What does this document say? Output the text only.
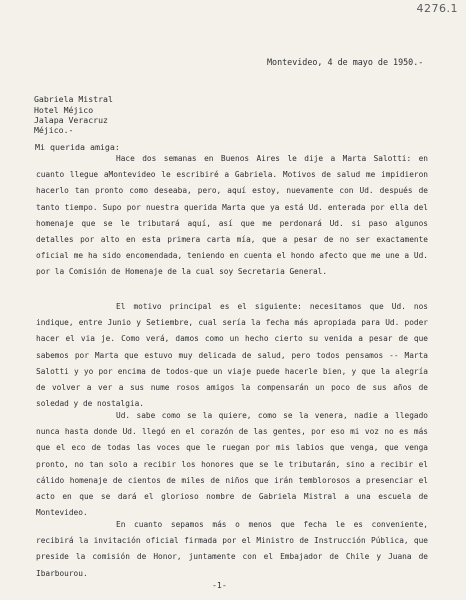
4276.1
Montevideo, 4 de mayo de 1950.-
Gabriela Mistral
Hotel Méjico
Jalapa Veracruz
Méjico.-
Mi querida amiga:

Hace dos semanas en Buenos Aires le dije a Marta Salotti: en cuanto llegue aMontevideo le escribiré a Gabriela. Motivos de salud me impidieron hacerlo tan pronto como deseaba, pero, aquí estoy, nuevamente con Ud. después de tanto tiempo. Supo por nuestra querida Marta que ya está Ud. enterada por ella del homenaje que se le tributará aquí, así que me perdonará Ud. si paso algunos detalles por alto en esta primera carta mía, que a pesar de no ser exactamente oficial me ha sido encomendada, teniendo en cuenta el hondo afecto que me une a Ud. por la Comisión de Homenaje de la cual soy Secretaria General.

El motivo principal es el siguiente: necesitamos que Ud. nos indique, entre Junio y Setiembre, cual sería la fecha más apropiada para Ud. poder hacer el via je. Como verá, damos como un hecho cierto su venida a pesar de que sabemos por Marta que estuvo muy delicada de salud, pero todos pensamos -- Marta Salotti y yo por encima de todos-que un viaje puede hacerle bien, y que la alegría de volver a ver a sus nume rosos amigos la compensarán un poco de sus años de soledad y de nostalgia.

Ud. sabe como se la quiere, como se la venera, nadie a llegado nunca hasta donde Ud. llegó en el corazón de las gentes, por eso mi voz no es más que el eco de todas las voces que le ruegan por mis labios que venga, que venga pronto, no tan solo a recibir los honores que se le tributarán, sino a recibir el cálido homenaje de cientos de miles de niños que irán temblorosos a presenciar el acto en que se dará el glorioso nombre de Gabriela Mistral a una escuela de Montevideo.

En cuanto sepamos más o menos que fecha le es conveniente, recibirá la invitación oficial firmada por el Ministro de Instrucción Pública, que preside la comisión de Honor, juntamente con el Embajador de Chile y Juana de Ibarbourou.

-1-
